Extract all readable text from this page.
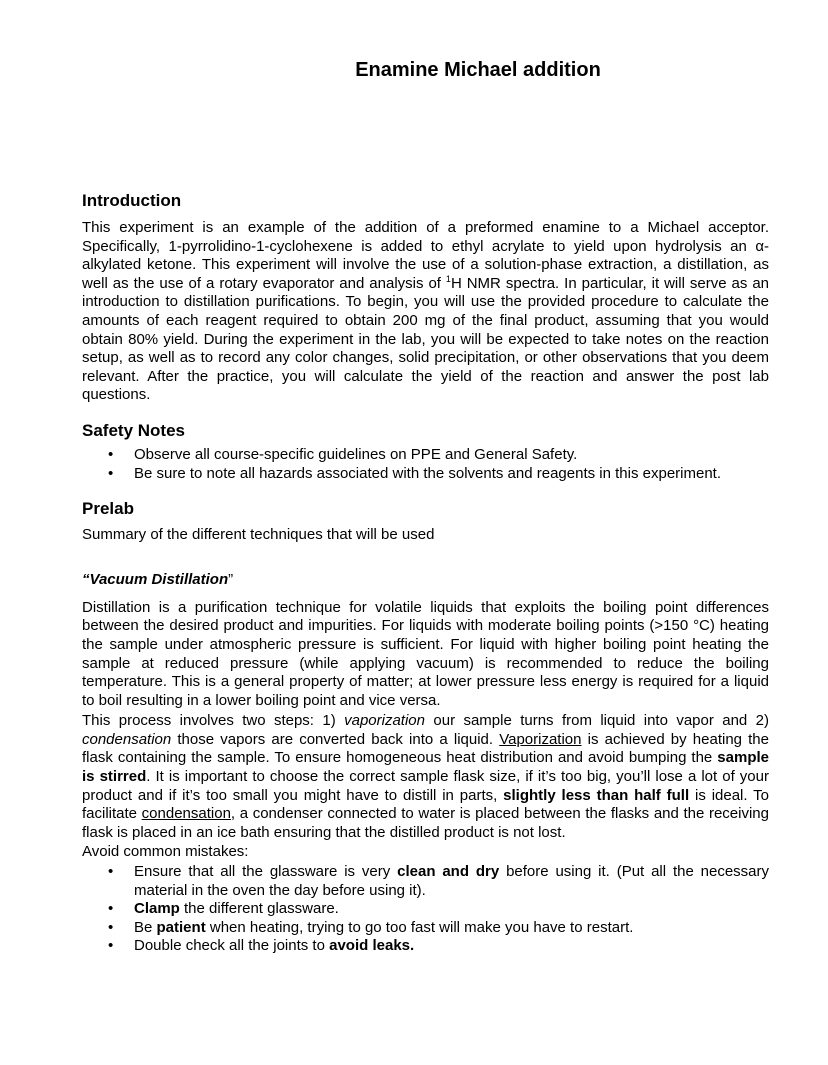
Enamine Michael addition
Introduction

This experiment is an example of the addition of a preformed enamine to a Michael acceptor. Specifically, 1-pyrrolidino-1-cyclohexene is added to ethyl acrylate to yield upon hydrolysis an α-alkylated ketone. This experiment will involve the use of a solution-phase extraction, a distillation, as well as the use of a rotary evaporator and analysis of $^1$H NMR spectra. In particular, it will serve as an introduction to distillation purifications. To begin, you will use the provided procedure to calculate the amounts of each reagent required to obtain 200 mg of the final product, assuming that you would obtain 80% yield. During the experiment in the lab, you will be expected to take notes on the reaction setup, as well as to record any color changes, solid precipitation, or other observations that you deem relevant. After the practice, you will calculate the yield of the reaction and answer the post lab questions.

Safety Notes
• Observe all course-specific guidelines on PPE and General Safety.
• Be sure to note all hazards associated with the solvents and reagents in this experiment.
Prelab

Summary of the different techniques that will be used

“Vacuum Distillation”

Distillation is a purification technique for volatile liquids that exploits the boiling point differences between the desired product and impurities. For liquids with moderate boiling points (>150 °C) heating the sample under atmospheric pressure is sufficient. For liquid with higher boiling point heating the sample at reduced pressure (while applying vacuum) is recommended to reduce the boiling temperature. This is a general property of matter; at lower pressure less energy is required for a liquid to boil resulting in a lower boiling point and vice versa.

This process involves two steps: 1) vaporization our sample turns from liquid into vapor and 2) condensation those vapors are converted back into a liquid. Vaporization is achieved by heating the flask containing the sample. To ensure homogeneous heat distribution and avoid bumping the sample is stirred. It is important to choose the correct sample flask size, if it’s too big, you’ll lose a lot of your product and if it’s too small you might have to distill in parts, slightly less than half full is ideal. To facilitate condensation, a condenser connected to water is placed between the flasks and the receiving flask is placed in an ice bath ensuring that the distilled product is not lost.

Avoid common mistakes:

• Ensure that all the glassware is very clean and dry before using it. (Put all the necessary material in the oven the day before using it).
• Clamp the different glassware.
• Be patient when heating, trying to go too fast will make you have to restart.
• Double check all the joints to avoid leaks.
